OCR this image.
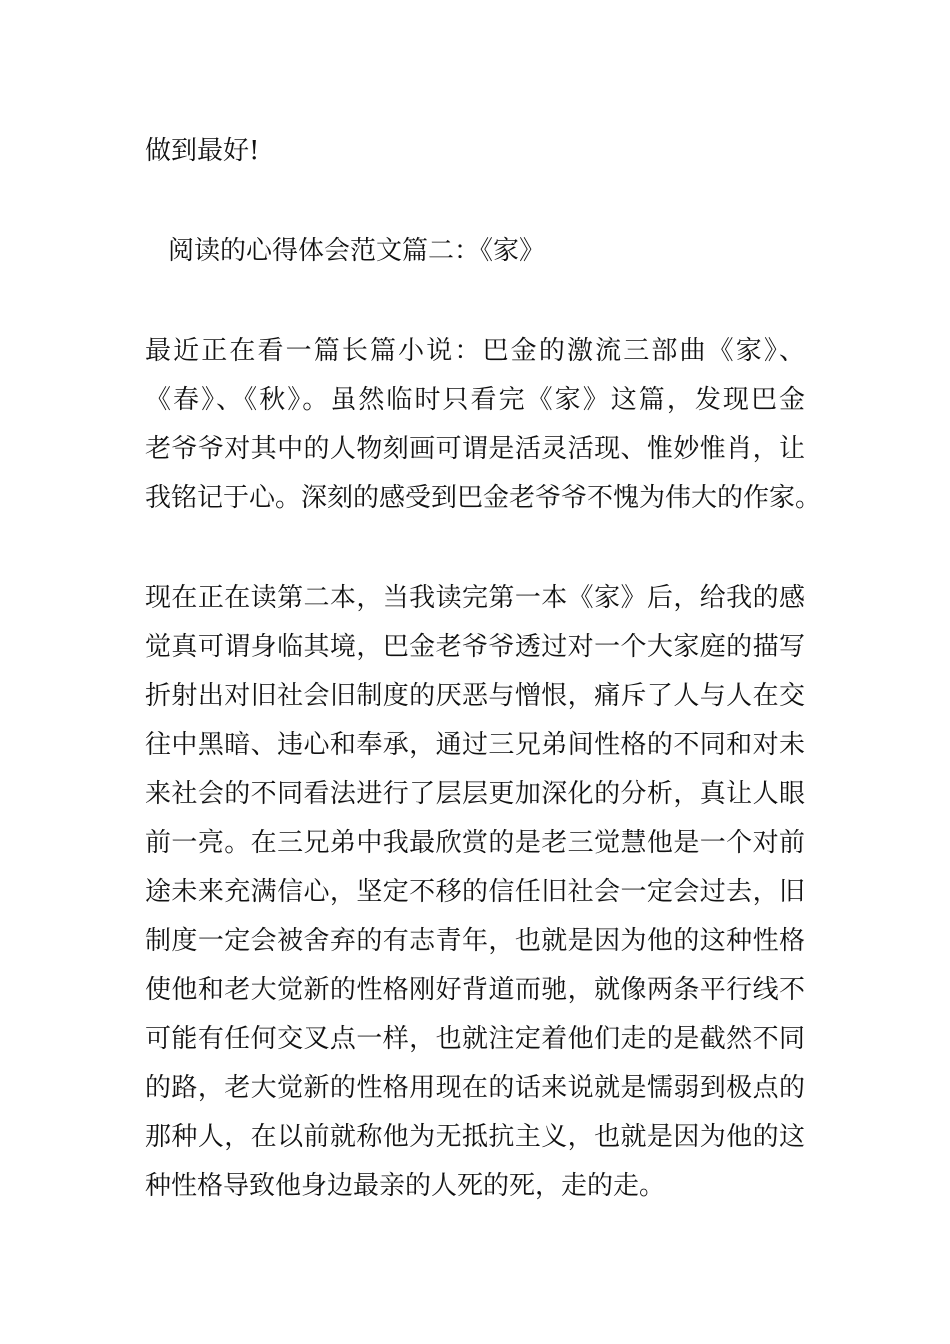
做到最好!
阅读的心得体会范文篇二：《家》
最近正在看一篇长篇小说：巴金的激流三部曲《家》、
《春》、《秋》。虽然临时只看完《家》这篇，发现巴金
老爷爷对其中的人物刻画可谓是活灵活现、惟妙惟肖，让
我铭记于心。深刻的感受到巴金老爷爷不愧为伟大的作家。
现在正在读第二本，当我读完第一本《家》后，给我的感
觉真可谓身临其境，巴金老爷爷透过对一个大家庭的描写
折射出对旧社会旧制度的厌恶与憎恨，痛斥了人与人在交
往中黑暗、违心和奉承，通过三兄弟间性格的不同和对未
来社会的不同看法进行了层层更加深化的分析，真让人眼
前一亮。在三兄弟中我最欣赏的是老三觉慧他是一个对前
途未来充满信心，坚定不移的信任旧社会一定会过去，旧
制度一定会被舍弃的有志青年，也就是因为他的这种性格
使他和老大觉新的性格刚好背道而驰，就像两条平行线不
可能有任何交叉点一样，也就注定着他们走的是截然不同
的路，老大觉新的性格用现在的话来说就是懦弱到极点的
那种人，在以前就称他为无抵抗主义，也就是因为他的这
种性格导致他身边最亲的人死的死，走的走。
